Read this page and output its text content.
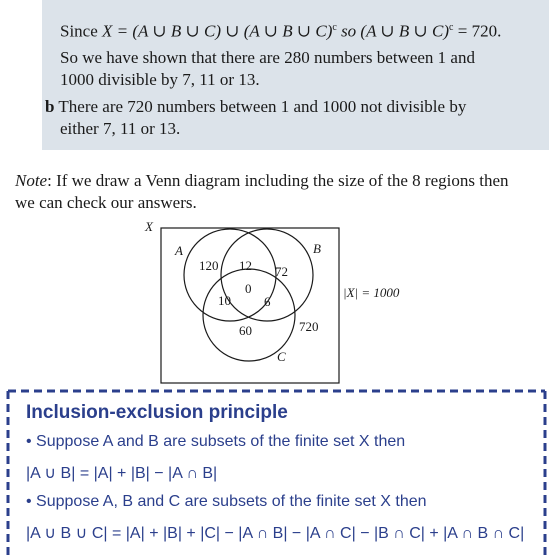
Since X = (A ∪ B ∪ C) ∪ (A ∪ B ∪ C)$^c$ so (A ∪ B ∪ C)$^c$ = 720.
So we have shown that there are 280 numbers between 1 and
1000 divisible by 7, 11 or 13.
b There are 720 numbers between 1 and 1000 not divisible by
either 7, 11 or 13.
Note: If we draw a Venn diagram including the size of the 8 regions then
we can check our answers.
X
A	B
C
120 12 72
0
10	6
60	720
|X| = 1000
Inclusion-exclusion principle
• Suppose A and B are subsets of the finite set X then
|A ∪ B| = |A| + |B| − |A ∩ B|
• Suppose A, B and C are subsets of the finite set X then
|A ∪ B ∪ C| = |A| + |B| + |C| − |A ∩ B| − |A ∩ C| − |B ∩ C| + |A ∩ B ∩ C|
